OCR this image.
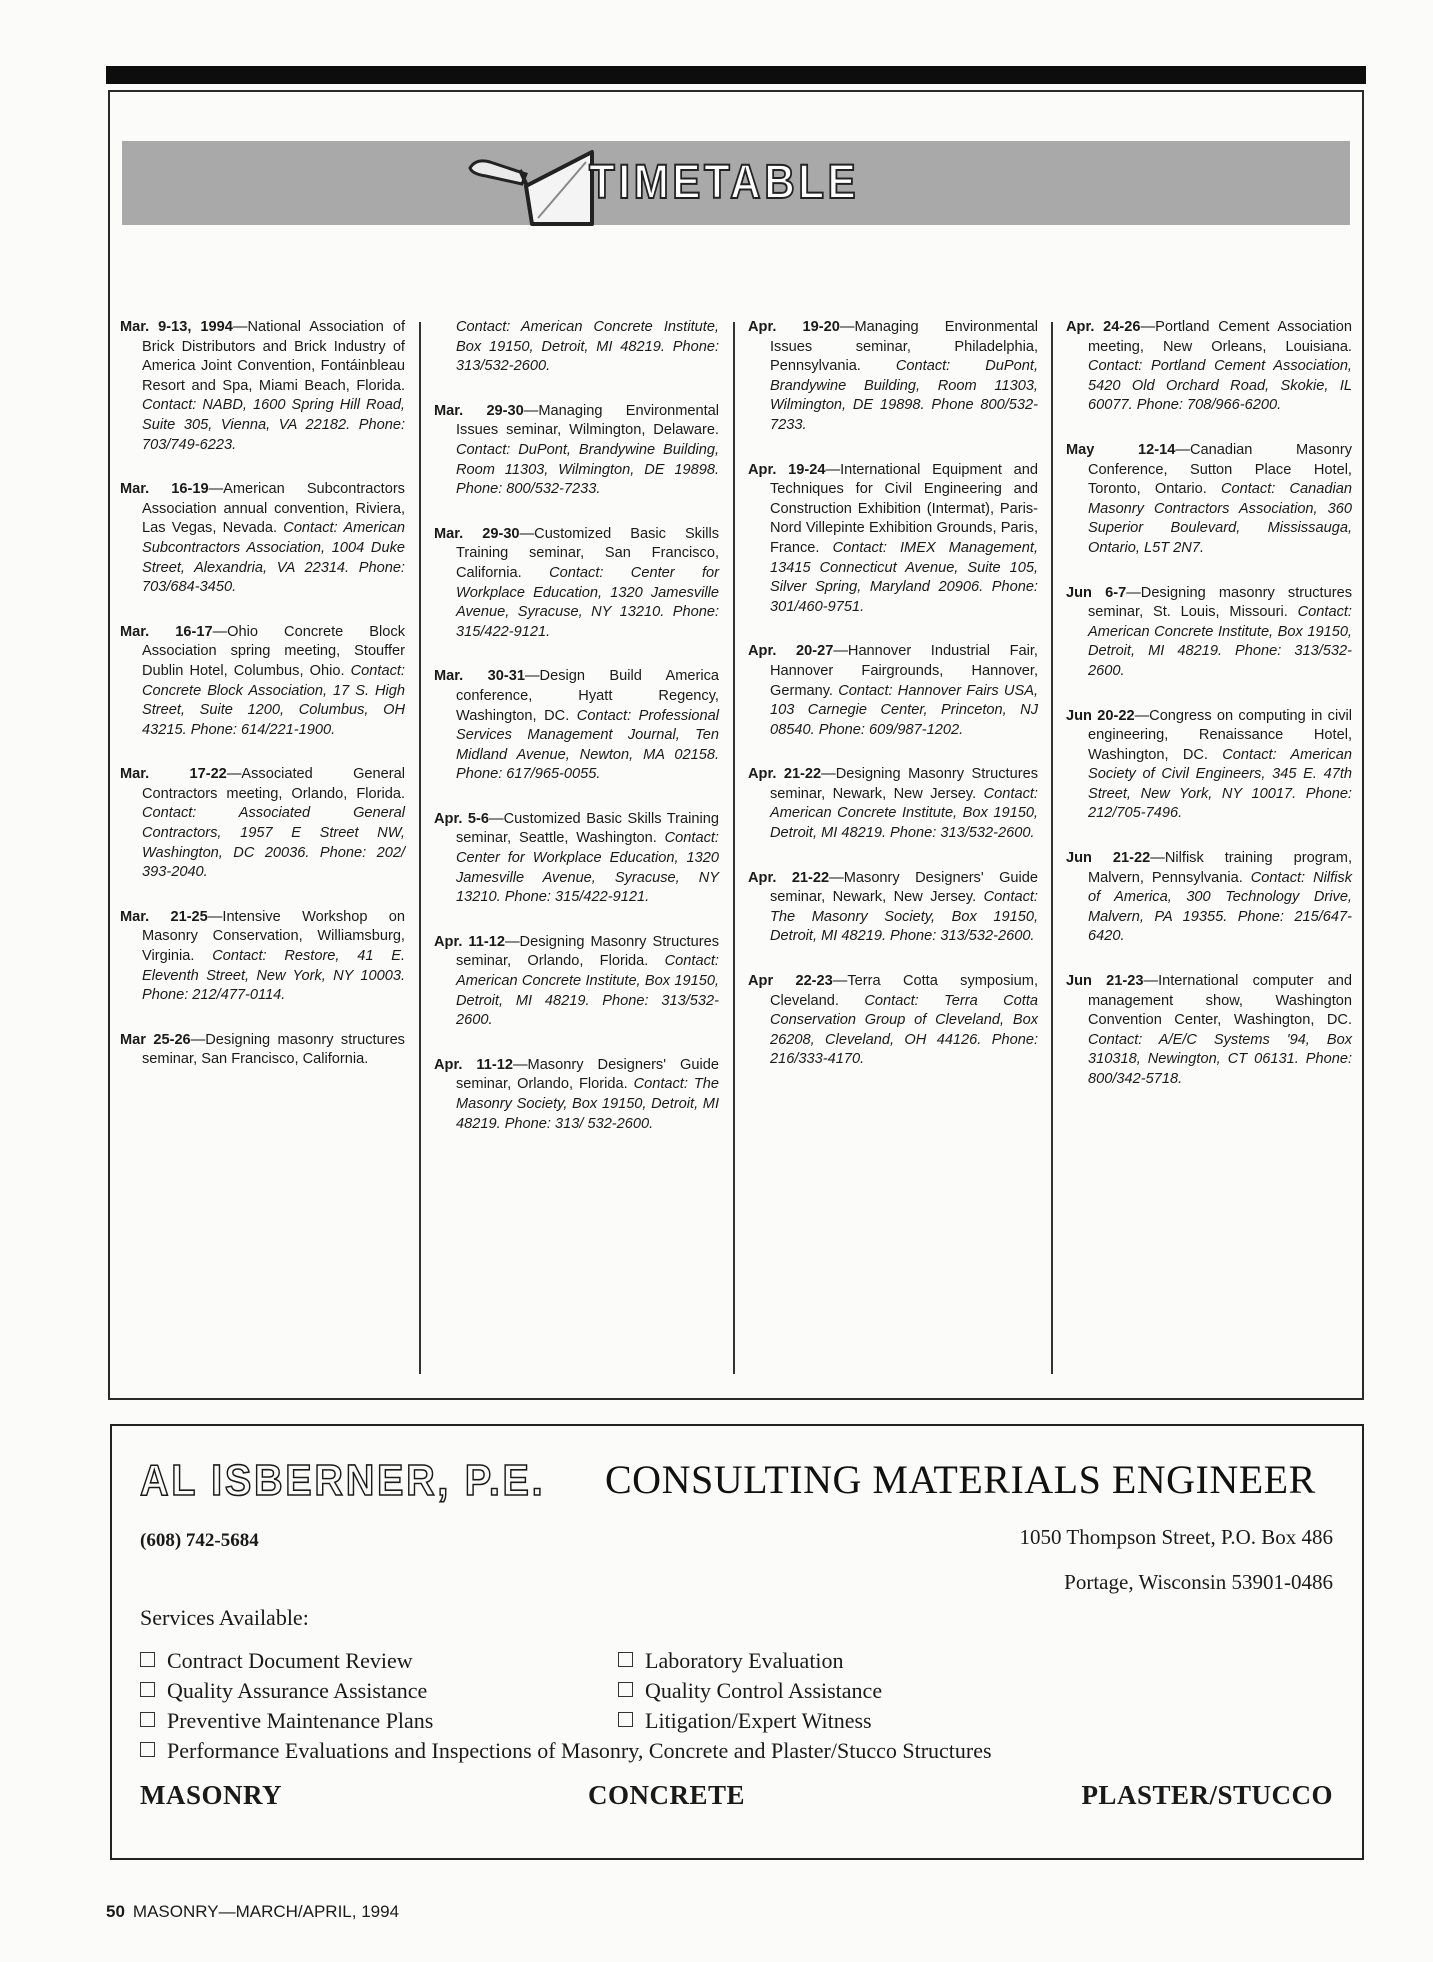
TIMETABLE
Mar. 9-13, 1994—National Association of Brick Distributors and Brick Industry of America Joint Convention, Fontáinbleau Resort and Spa, Miami Beach, Florida. Contact: NABD, 1600 Spring Hill Road, Suite 305, Vienna, VA 22182. Phone: 703/749-6223.
Mar. 16-19—American Subcontractors Association annual convention, Riviera, Las Vegas, Nevada. Contact: American Subcontractors Association, 1004 Duke Street, Alexandria, VA 22314. Phone: 703/684-3450.
Mar. 16-17—Ohio Concrete Block Association spring meeting, Stouffer Dublin Hotel, Columbus, Ohio. Contact: Concrete Block Association, 17 S. High Street, Suite 1200, Columbus, OH 43215. Phone: 614/221-1900.
Mar. 17-22—Associated General Contractors meeting, Orlando, Florida. Contact: Associated General Contractors, 1957 E Street NW, Washington, DC 20036. Phone: 202/ 393-2040.
Mar. 21-25—Intensive Workshop on Masonry Conservation, Williamsburg, Virginia. Contact: Restore, 41 E. Eleventh Street, New York, NY 10003. Phone: 212/477-0114.
Mar 25-26—Designing masonry structures seminar, San Francisco, California.
Contact: American Concrete Institute, Box 19150, Detroit, MI 48219. Phone: 313/532-2600.
Mar. 29-30—Managing Environmental Issues seminar, Wilmington, Delaware. Contact: DuPont, Brandywine Building, Room 11303, Wilmington, DE 19898. Phone: 800/532-7233.
Mar. 29-30—Customized Basic Skills Training seminar, San Francisco, California. Contact: Center for Workplace Education, 1320 Jamesville Avenue, Syracuse, NY 13210. Phone: 315/422-9121.
Mar. 30-31—Design Build America conference, Hyatt Regency, Washington, DC. Contact: Professional Services Management Journal, Ten Midland Avenue, Newton, MA 02158. Phone: 617/965-0055.
Apr. 5-6—Customized Basic Skills Training seminar, Seattle, Washington. Contact: Center for Workplace Education, 1320 Jamesville Avenue, Syracuse, NY 13210. Phone: 315/422-9121.
Apr. 11-12—Designing Masonry Structures seminar, Orlando, Florida. Contact: American Concrete Institute, Box 19150, Detroit, MI 48219. Phone: 313/532-2600.
Apr. 11-12—Masonry Designers' Guide seminar, Orlando, Florida. Contact: The Masonry Society, Box 19150, Detroit, MI 48219. Phone: 313/ 532-2600.
Apr. 19-20—Managing Environmental Issues seminar, Philadelphia, Pennsylvania. Contact: DuPont, Brandywine Building, Room 11303, Wilmington, DE 19898. Phone 800/532-7233.
Apr. 19-24—International Equipment and Techniques for Civil Engineering and Construction Exhibition (Intermat), Paris-Nord Villepinte Exhibition Grounds, Paris, France. Contact: IMEX Management, 13415 Connecticut Avenue, Suite 105, Silver Spring, Maryland 20906. Phone: 301/460-9751.
Apr. 20-27—Hannover Industrial Fair, Hannover Fairgrounds, Hannover, Germany. Contact: Hannover Fairs USA, 103 Carnegie Center, Princeton, NJ 08540. Phone: 609/987-1202.
Apr. 21-22—Designing Masonry Structures seminar, Newark, New Jersey. Contact: American Concrete Institute, Box 19150, Detroit, MI 48219. Phone: 313/532-2600.
Apr. 21-22—Masonry Designers' Guide seminar, Newark, New Jersey. Contact: The Masonry Society, Box 19150, Detroit, MI 48219. Phone: 313/532-2600.
Apr 22-23—Terra Cotta symposium, Cleveland. Contact: Terra Cotta Conservation Group of Cleveland, Box 26208, Cleveland, OH 44126. Phone: 216/333-4170.
Apr. 24-26—Portland Cement Association meeting, New Orleans, Louisiana. Contact: Portland Cement Association, 5420 Old Orchard Road, Skokie, IL 60077. Phone: 708/966-6200.
May 12-14—Canadian Masonry Conference, Sutton Place Hotel, Toronto, Ontario. Contact: Canadian Masonry Contractors Association, 360 Superior Boulevard, Mississauga, Ontario, L5T 2N7.
Jun 6-7—Designing masonry structures seminar, St. Louis, Missouri. Contact: American Concrete Institute, Box 19150, Detroit, MI 48219. Phone: 313/532-2600.
Jun 20-22—Congress on computing in civil engineering, Renaissance Hotel, Washington, DC. Contact: American Society of Civil Engineers, 345 E. 47th Street, New York, NY 10017. Phone: 212/705-7496.
Jun 21-22—Nilfisk training program, Malvern, Pennsylvania. Contact: Nilfisk of America, 300 Technology Drive, Malvern, PA 19355. Phone: 215/647-6420.
Jun 21-23—International computer and management show, Washington Convention Center, Washington, DC. Contact: A/E/C Systems '94, Box 310318, Newington, CT 06131. Phone: 800/342-5718.
AL ISBERNER, P.E. CONSULTING MATERIALS ENGINEER
(608) 742-5684	1050 Thompson Street, P.O. Box 486
Portage, Wisconsin 53901-0486
Services Available:
Contract Document Review
Quality Assurance Assistance
Preventive Maintenance Plans
Laboratory Evaluation
Quality Control Assistance
Litigation/Expert Witness
Performance Evaluations and Inspections of Masonry, Concrete and Plaster/Stucco Structures
MASONRY	CONCRETE	PLASTER/STUCCO
50 MASONRY—MARCH/APRIL, 1994
